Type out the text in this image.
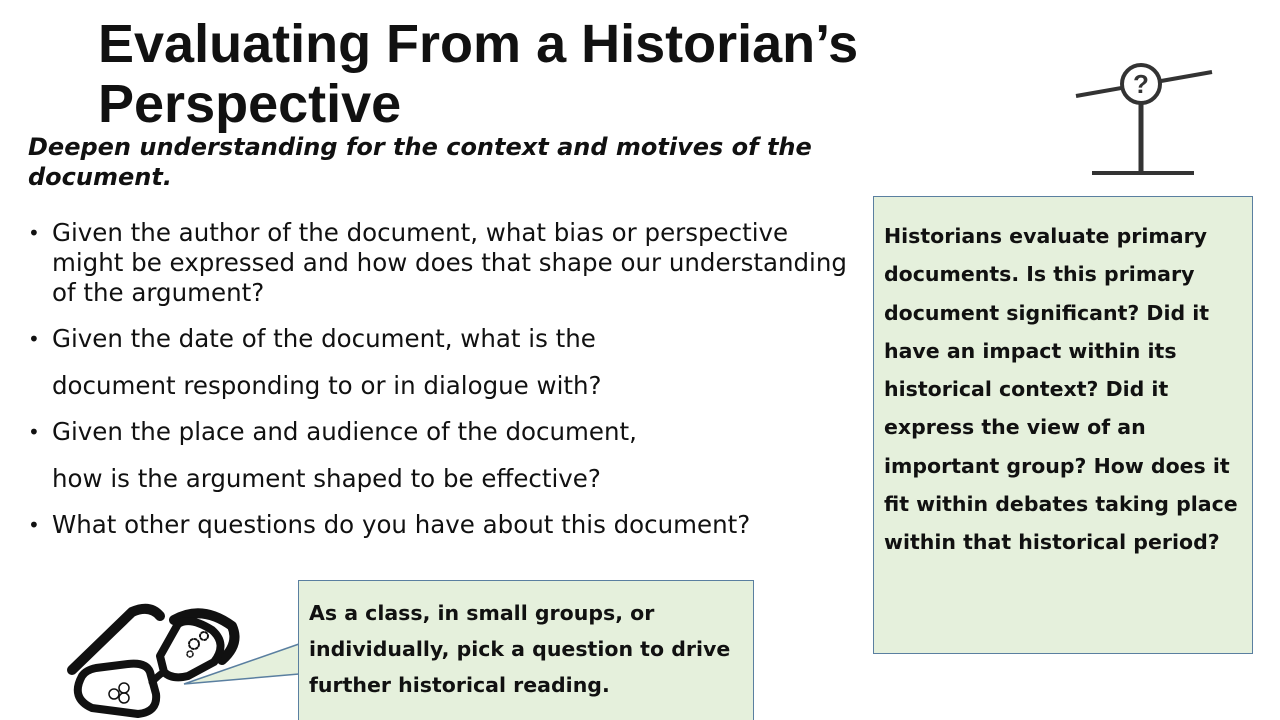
Evaluating From a Historian’s
Perspective

Deepen understanding for the context and motives of the document.

• Given the author of the document, what bias or perspective might be expressed and how does that shape our understanding of the argument?
• Given the date of the document, what is the
document responding to or in dialogue with?
• Given the place and audience of the document,
how is the argument shaped to be effective?
• What other questions do you have about this document?
?
Historians evaluate primary documents. Is this primary document significant? Did it have an impact within its historical context? Did it express the view of an important group? How does it fit within debates taking place within that historical period?
As a class, in small groups, or individually, pick a question to drive further historical reading.
